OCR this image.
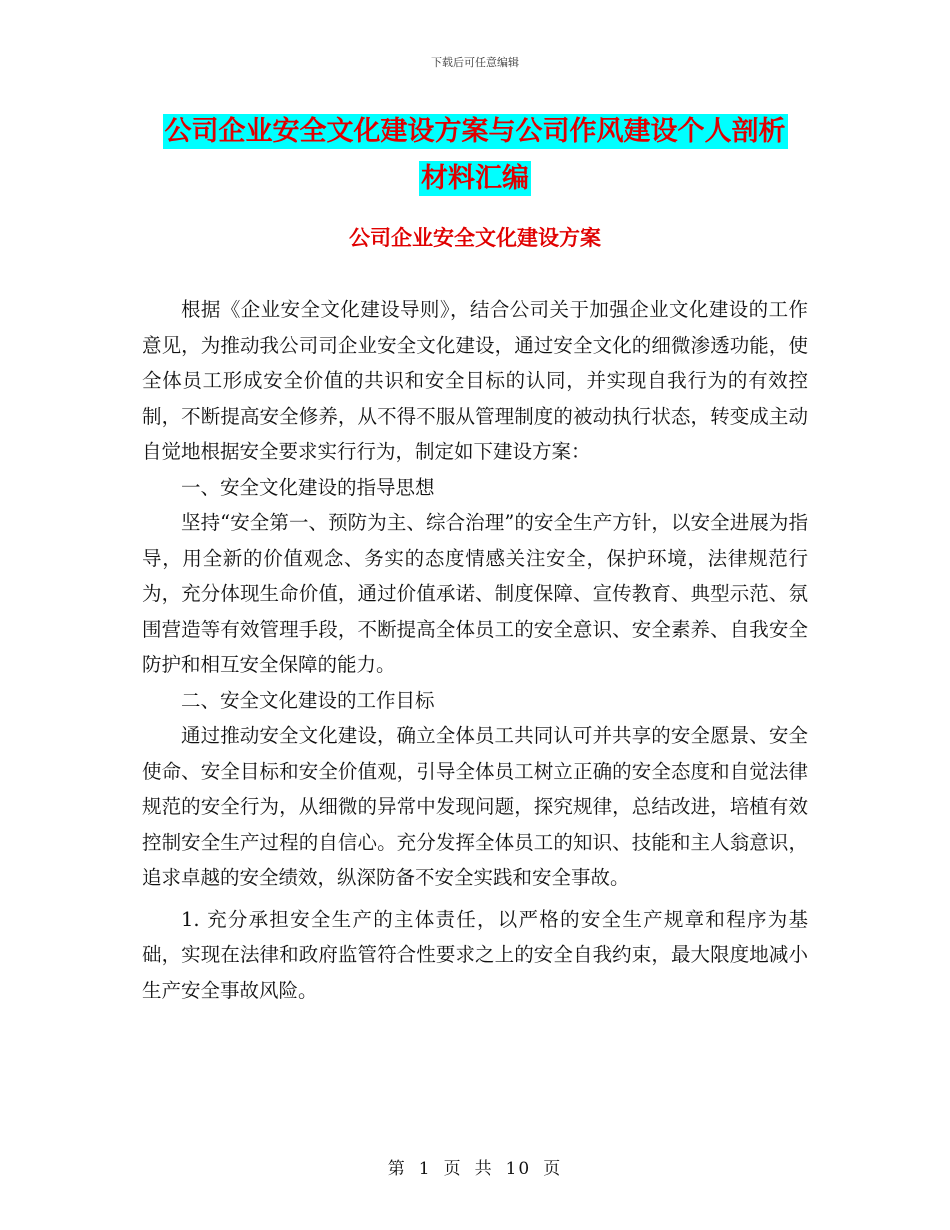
下载后可任意编辑
公司企业安全文化建设方案与公司作风建设个人剖析
材料汇编
公司企业安全文化建设方案

根据《企业安全文化建设导则》，结合公司关于加强企业文化建设的工作意见，为推动我公司司企业安全文化建设，通过安全文化的细微渗透功能，使全体员工形成安全价值的共识和安全目标的认同，并实现自我行为的有效控制，不断提高安全修养，从不得不服从管理制度的被动执行状态，转变成主动自觉地根据安全要求实行行为，制定如下建设方案：

一、安全文化建设的指导思想

坚持“安全第一、预防为主、综合治理”的安全生产方针，以安全进展为指导，用全新的价值观念、务实的态度情感关注安全，保护环境，法律规范行为，充分体现生命价值，通过价值承诺、制度保障、宣传教育、典型示范、氛围营造等有效管理手段，不断提高全体员工的安全意识、安全素养、自我安全防护和相互安全保障的能力。

二、安全文化建设的工作目标

通过推动安全文化建设，确立全体员工共同认可并共享的安全愿景、安全使命、安全目标和安全价值观，引导全体员工树立正确的安全态度和自觉法律规范的安全行为，从细微的异常中发现问题，探究规律，总结改进，培植有效控制安全生产过程的自信心。充分发挥全体员工的知识、技能和主人翁意识，追求卓越的安全绩效，纵深防备不安全实践和安全事故。

1. 充分承担安全生产的主体责任，以严格的安全生产规章和程序为基础，实现在法律和政府监管符合性要求之上的安全自我约束，最大限度地减小生产安全事故风险。

第 1 页 共 10 页
